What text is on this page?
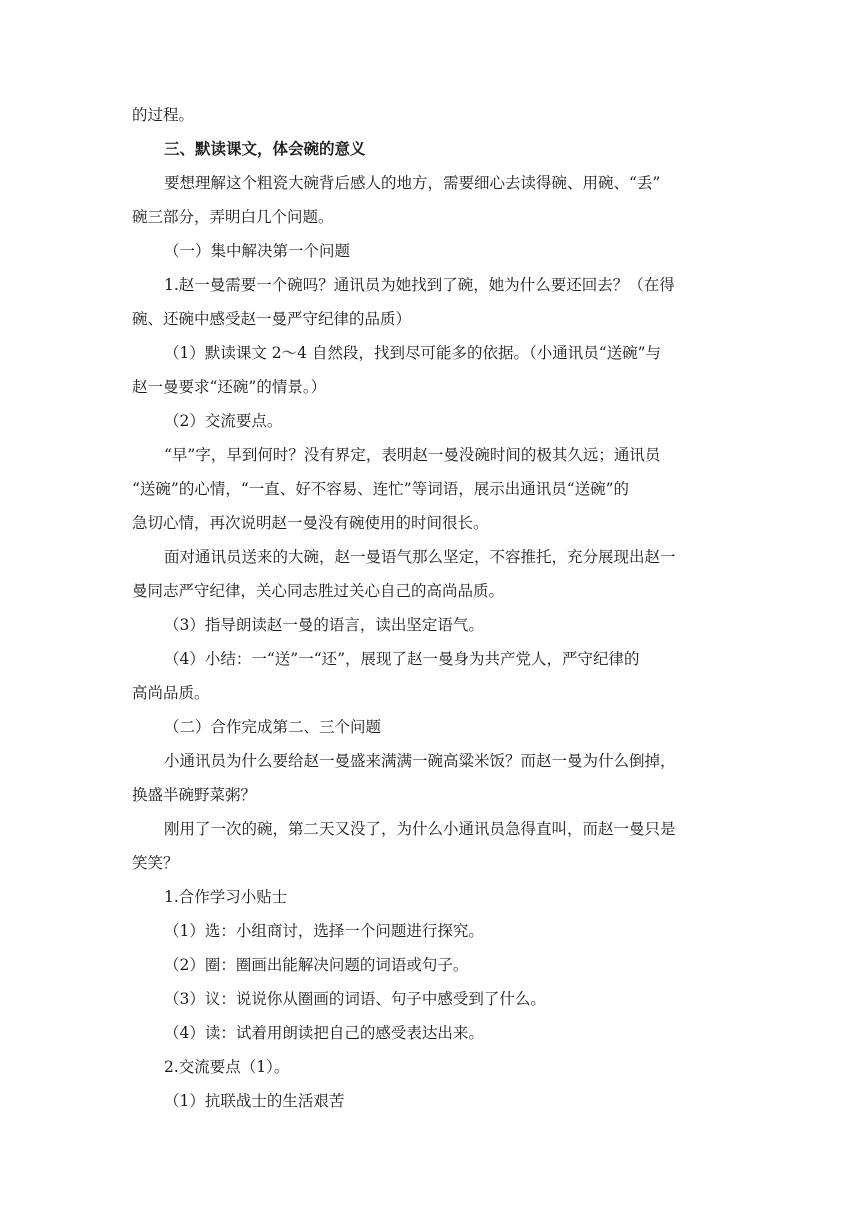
的过程。

三、默读课文，体会碗的意义

要想理解这个粗瓷大碗背后感人的地方，需要细心去读得碗、用碗、“丢”

碗三部分，弄明白几个问题。

（一）集中解决第一个问题

1.赵一曼需要一个碗吗？通讯员为她找到了碗，她为什么要还回去？（在得

碗、还碗中感受赵一曼严守纪律的品质）

（1）默读课文 2～4 自然段，找到尽可能多的依据。（小通讯员“送碗”与

赵一曼要求“还碗”的情景。）

（2）交流要点。

“早”字，早到何时？没有界定，表明赵一曼没碗时间的极其久远；通讯员

“送碗”的心情，“一直、好不容易、连忙”等词语，展示出通讯员“送碗”的

急切心情，再次说明赵一曼没有碗使用的时间很长。

面对通讯员送来的大碗，赵一曼语气那么坚定，不容推托，充分展现出赵一

曼同志严守纪律，关心同志胜过关心自己的高尚品质。

（3）指导朗读赵一曼的语言，读出坚定语气。

（4）小结：一“送”一“还”，展现了赵一曼身为共产党人，严守纪律的

高尚品质。

（二）合作完成第二、三个问题

小通讯员为什么要给赵一曼盛来满满一碗高粱米饭？而赵一曼为什么倒掉，

换盛半碗野菜粥？

刚用了一次的碗，第二天又没了，为什么小通讯员急得直叫，而赵一曼只是

笑笑？

1.合作学习小贴士

（1）选：小组商讨，选择一个问题进行探究。

（2）圈：圈画出能解决问题的词语或句子。

（3）议：说说你从圈画的词语、句子中感受到了什么。

（4）读：试着用朗读把自己的感受表达出来。

2.交流要点（1）。

（1）抗联战士的生活艰苦
